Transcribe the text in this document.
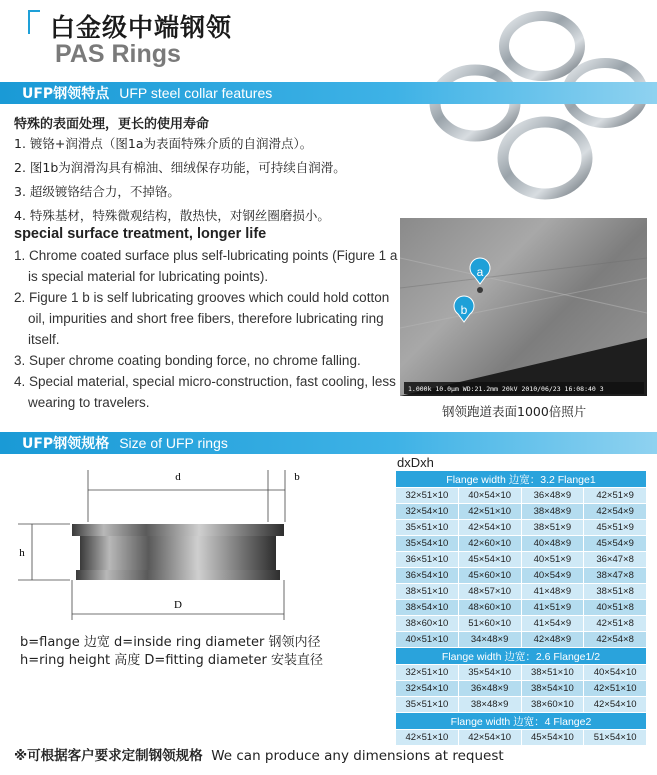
白金级中端钢领
PAS Rings
UFP钢领特点 UFP steel collar features
特殊的表面处理，更长的使用寿命
1. 镀铬+润滑点（图1a为表面特殊介质的自润滑点）。
2. 图1b为润滑沟具有棉油、细绒保存功能，可持续自润滑。
3. 超级镀铬结合力，不掉铬。
4. 特殊基材，特殊微观结构，散热快，对钢丝圈磨损小。
special surface treatment, longer life

1. Chrome coated surface plus self-lubricating points (Figure 1 a is special material for lubricating points).

2. Figure 1 b is self lubricating grooves which could hold cotton oil, impurities and short free fibers, therefore lubricating ring itself.

3. Super chrome coating bonding force, no chrome falling.

4. Special material, special micro-construction, fast cooling, less wearing to travelers.

a
b
1.000k 10.0μm WD:21.2mm 20kV 2010/06/23 16:08:40 3
钢领跑道表面1000倍照片
UFP钢领规格 Size of UFP rings
d	b
h
D
b=flange 边宽 d=inside ring diameter 钢领内径
h=ring height 高度 D=fitting diameter 安装直径
dxDxh
Flange width 边宽：3.2 Flange1			
32×51×10	40×54×10	36×48×9	42×51×9
32×54×10	42×51×10	38×48×9	42×54×9
35×51×10	42×54×10	38×51×9	45×51×9
35×54×10	42×60×10	40×48×9	45×54×9
36×51×10	45×54×10	40×51×9	36×47×8
36×54×10	45×60×10	40×54×9	38×47×8
38×51×10	48×57×10	41×48×9	38×51×8
38×54×10	48×60×10	41×51×9	40×51×8
38×60×10	51×60×10	41×54×9	42×51×8
40×51×10	34×48×9	42×48×9	42×54×8
Flange width 边宽：2.6 Flange1/2			
32×51×10	35×54×10	38×51×10	40×54×10
32×54×10	36×48×9	38×54×10	42×51×10
35×51×10	38×48×9	38×60×10	42×54×10
Flange width 边宽：4 Flange2			
42×51×10	42×54×10	45×54×10	51×54×10
※可根据客户要求定制钢领规格 We can produce any dimensions at request
